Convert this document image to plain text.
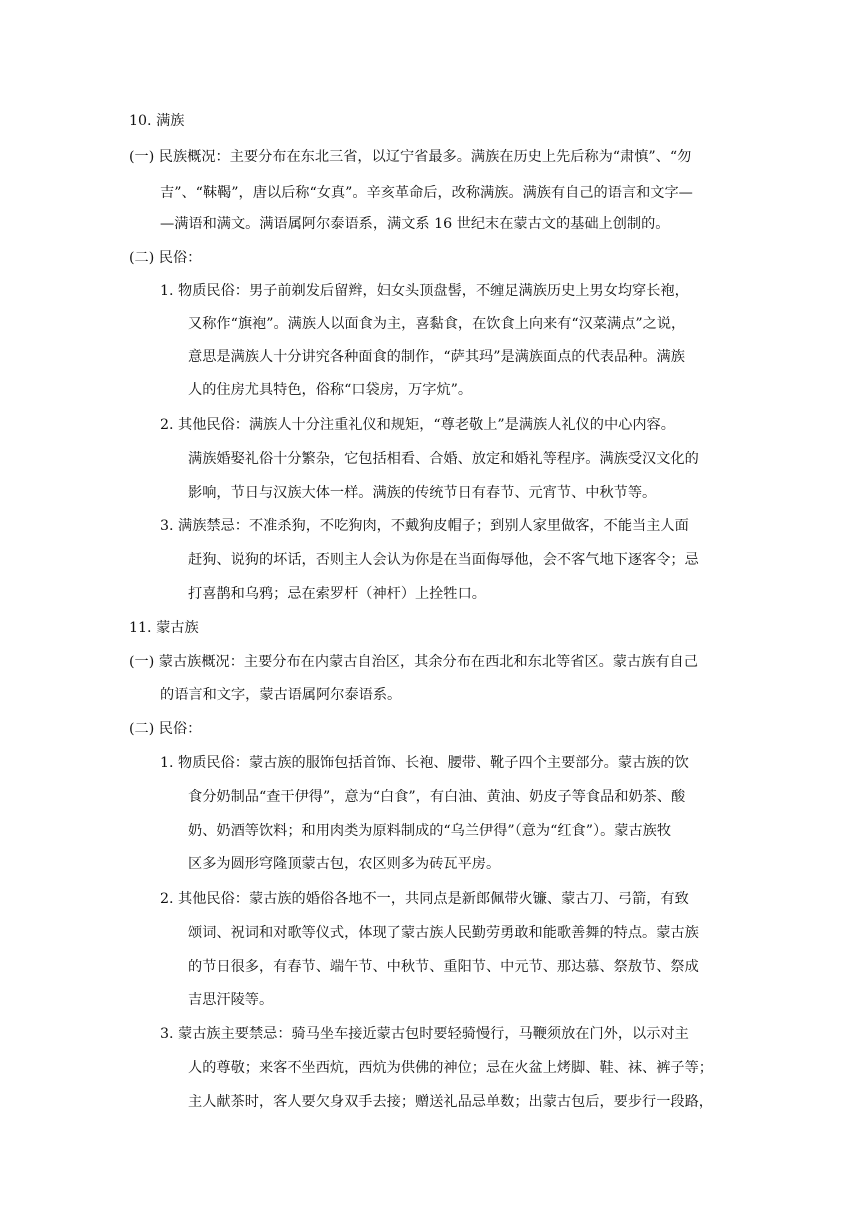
10. 满族

(一) 民族概况：主要分布在东北三省，以辽宁省最多。满族在历史上先后称为“肃慎”、“勿

吉”、“靺鞨”，唐以后称“女真”。辛亥革命后，改称满族。满族有自己的语言和文字—

—满语和满文。满语属阿尔泰语系，满文系 16 世纪末在蒙古文的基础上创制的。

(二) 民俗：

1. 物质民俗：男子前剃发后留辫，妇女头顶盘髻，不缠足满族历史上男女均穿长袍，

又称作“旗袍”。满族人以面食为主，喜黏食，在饮食上向来有“汉菜满点”之说，

意思是满族人十分讲究各种面食的制作，“萨其玛”是满族面点的代表品种。满族

人的住房尤具特色，俗称“口袋房，万字炕”。

2. 其他民俗：满族人十分注重礼仪和规矩，“尊老敬上”是满族人礼仪的中心内容。

满族婚娶礼俗十分繁杂，它包括相看、合婚、放定和婚礼等程序。满族受汉文化的

影响，节日与汉族大体一样。满族的传统节日有春节、元宵节、中秋节等。

3. 满族禁忌：不准杀狗，不吃狗肉，不戴狗皮帽子；到别人家里做客，不能当主人面

赶狗、说狗的坏话，否则主人会认为你是在当面侮辱他，会不客气地下逐客令；忌

打喜鹊和乌鸦；忌在索罗杆（神杆）上拴牲口。

11. 蒙古族

(一) 蒙古族概况：主要分布在内蒙古自治区，其余分布在西北和东北等省区。蒙古族有自己

的语言和文字，蒙古语属阿尔泰语系。

(二) 民俗：

1. 物质民俗：蒙古族的服饰包括首饰、长袍、腰带、靴子四个主要部分。蒙古族的饮

食分奶制品“查干伊得”，意为“白食”，有白油、黄油、奶皮子等食品和奶茶、酸

奶、奶酒等饮料；和用肉类为原料制成的“乌兰伊得”（意为“红食”）。蒙古族牧

区多为圆形穹隆顶蒙古包，农区则多为砖瓦平房。

2. 其他民俗：蒙古族的婚俗各地不一，共同点是新郎佩带火镰、蒙古刀、弓箭，有致

颂词、祝词和对歌等仪式，体现了蒙古族人民勤劳勇敢和能歌善舞的特点。蒙古族

的节日很多，有春节、端午节、中秋节、重阳节、中元节、那达慕、祭敖节、祭成

吉思汗陵等。

3. 蒙古族主要禁忌：骑马坐车接近蒙古包时要轻骑慢行，马鞭须放在门外，以示对主

人的尊敬；来客不坐西炕，西炕为供佛的神位；忌在火盆上烤脚、鞋、袜、裤子等；

主人献茶时，客人要欠身双手去接；赠送礼品忌单数；出蒙古包后，要步行一段路，
